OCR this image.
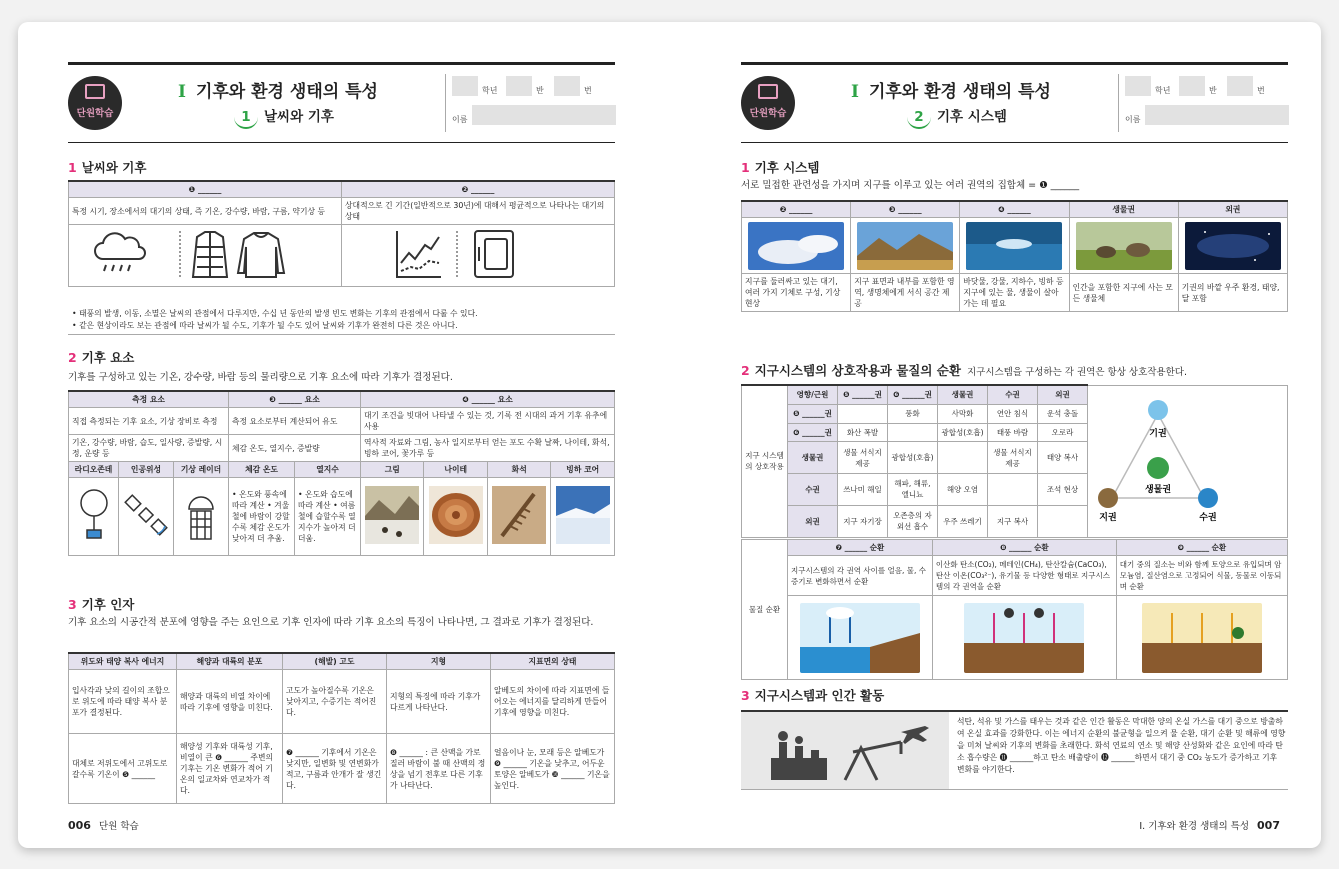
단원학습
I 기후와 환경 생태의 특성
1 날씨와 기후
학년	반	번
이름
1 날씨와 기후
❶ ______	❷ ______
특정 시기, 장소에서의 대기의 상태, 즉 기온, 강수량, 바람, 구름, 약기상 등	상대적으로 긴 기간(일반적으로 30년)에 대해서 평균적으로 나타나는 대기의 상태

• 태풍의 발생, 이동, 소멸은 날씨의 관점에서 다루지만, 수십 년 동안의 발생 빈도 변화는 기후의 관점에서 다룰 수 있다.
• 같은 현상이라도 보는 관점에 따라 날씨가 될 수도, 기후가 될 수도 있어 날씨와 기후가 완전히 다른 것은 아니다.
2 기후 요소
기후를 구성하고 있는 기온, 강수량, 바람 등의 물리량으로 기후 요소에 따라 기후가 결정된다.
측정 요소			❸ ______ 요소		❹ ______ 요소			
직접 측정되는 기후 요소, 기상 장비로 측정			측정 요소로부터 계산되어 유도		대기 조건을 빗대어 나타낼 수 있는 것, 기록 전 시대의 과거 기후 유추에 사용			
기온, 강수량, 바람, 습도, 일사량, 증발량, 시정, 운량 등			체감 온도, 열지수, 증발량		역사적 자료와 그림, 농사 일지로부터 얻는 포도 수확 날짜, 나이테, 화석, 빙하 코어, 꽃가루 등			
라디오존데	인공위성	기상 레이더	체감 온도	열지수	그림	나이테	화석	빙하 코어
			• 온도와 풍속에 따라 계산 • 겨울철에 바람이 강할수록 체감 온도가 낮아져 더 추움.	• 온도와 습도에 따라 계산 • 여름철에 습할수록 열지수가 높아져 더 더움.				
3 기후 인자
기후 요소의 시공간적 분포에 영향을 주는 요인으로 기후 인자에 따라 기후 요소의 특징이 나타나면, 그 결과로 기후가 결정된다.
위도와 태양 복사 에너지	해양과 대륙의 분포	(해발) 고도	지형	지표면의 상태
입사각과 낮의 길이의 조합으로 위도에 따라 태양 복사 분포가 결정된다.	해양과 대륙의 비열 차이에 따라 기후에 영향을 미친다.	고도가 높아질수록 기온은 낮아지고, 수증기는 적어진다.	지형의 특징에 따라 기후가 다르게 나타난다.	알베도의 차이에 따라 지표면에 들어오는 에너지를 달리하게 만들어 기후에 영향을 미친다.
대체로 저위도에서 고위도로 갈수록 기온이 ❺ ______	해양성 기후와 대륙성 기후, 비열이 큰 ❻ ______ 주변의 기후는 기온 변화가 적어 기온의 일교차와 연교차가 적다.	❼ ______ 기후에서 기온은 낮지만, 일변화 및 연변화가 적고, 구름과 안개가 잘 생긴다.	❽ ______ : 큰 산맥을 가로질러 바람이 불 때 산맥의 정상을 넘기 전후로 다른 기후가 나타난다.	얼음이나 눈, 모래 등은 알베도가 ❾ ______ 기온을 낮추고, 어두운 토양은 알베도가 ❿ ______ 기온을 높인다.
006 단원 학습
단원학습
I 기후와 환경 생태의 특성
2 기후 시스템
학년	반	번
이름
1 기후 시스템
서로 밀접한 관련성을 가지며 지구를 이루고 있는 여러 권역의 집합체 = ❶ ______
❷ ______	❸ ______	❹ ______	생물권	외권

지구를 둘러싸고 있는 대기, 여러 가지 기체로 구성, 기상 현상	지구 표면과 내부를 포함한 영역, 생명체에게 서식 공간 제공	바닷물, 강물, 지하수, 빙하 등 지구에 있는 물, 생물이 살아가는 데 필요	인간을 포함한 지구에 사는 모든 생물체	기권의 바깥 우주 환경, 태양, 달 포함
2 지구시스템의 상호작용과 물질의 순환 지구시스템을 구성하는 각 권역은 항상 상호작용한다.
지구 시스템의 상호작용	영향/근원	❺ ______권	❻ ______권	생물권	수권	외권	기권
생물권
지권 수권

	❺ ______권		풍화	사막화	연안 침식	운석 충돌	
	❻ ______권	화산 폭발		광합성(호흡)	태풍 바람	오로라	
	생물권	생물 서식지 제공	광합성(호흡)		생물 서식지 제공	태양 복사	
	수권	쓰나미 해일	해파, 해류, 엘니뇨	해양 오염		조석 현상	
	외권	지구 자기장	오존층의 자외선 흡수	우주 쓰레기	지구 복사		
물질 순환	❼ ______ 순환	❽ ______ 순환	❾ ______ 순환
	지구시스템의 각 권역 사이를 얼음, 물, 수증기로 변화하면서 순환	이산화 탄소(CO₂), 메테인(CH₄), 탄산칼슘(CaCO₃), 탄산 이온(CO₃²⁻), 유기물 등 다양한 형태로 지구시스템의 각 권역을 순환	대기 중의 질소는 비와 함께 토양으로 유입되며 암모늄염, 질산염으로 고정되어 식물, 동물로 이동되며 순환

3 지구시스템과 인간 활동
석탄, 석유 및 가스를 태우는 것과 같은 인간 활동은 막대한 양의 온실 가스를 대기 중으로 방출하여 온실 효과를 강화한다. 이는 에너지 순환의 불균형을 일으켜 물 순환, 대기 순환 및 해류에 영향을 미쳐 날씨와 기후의 변화를 초래한다. 화석 연료의 연소 및 해양 산성화와 같은 요인에 따라 탄소 흡수량은 ⓫ ______하고 탄소 배출량이 ⓬ ______하면서 대기 중 CO₂ 농도가 증가하고 기후 변화를 야기한다.
I. 기후와 환경 생태의 특성 007
